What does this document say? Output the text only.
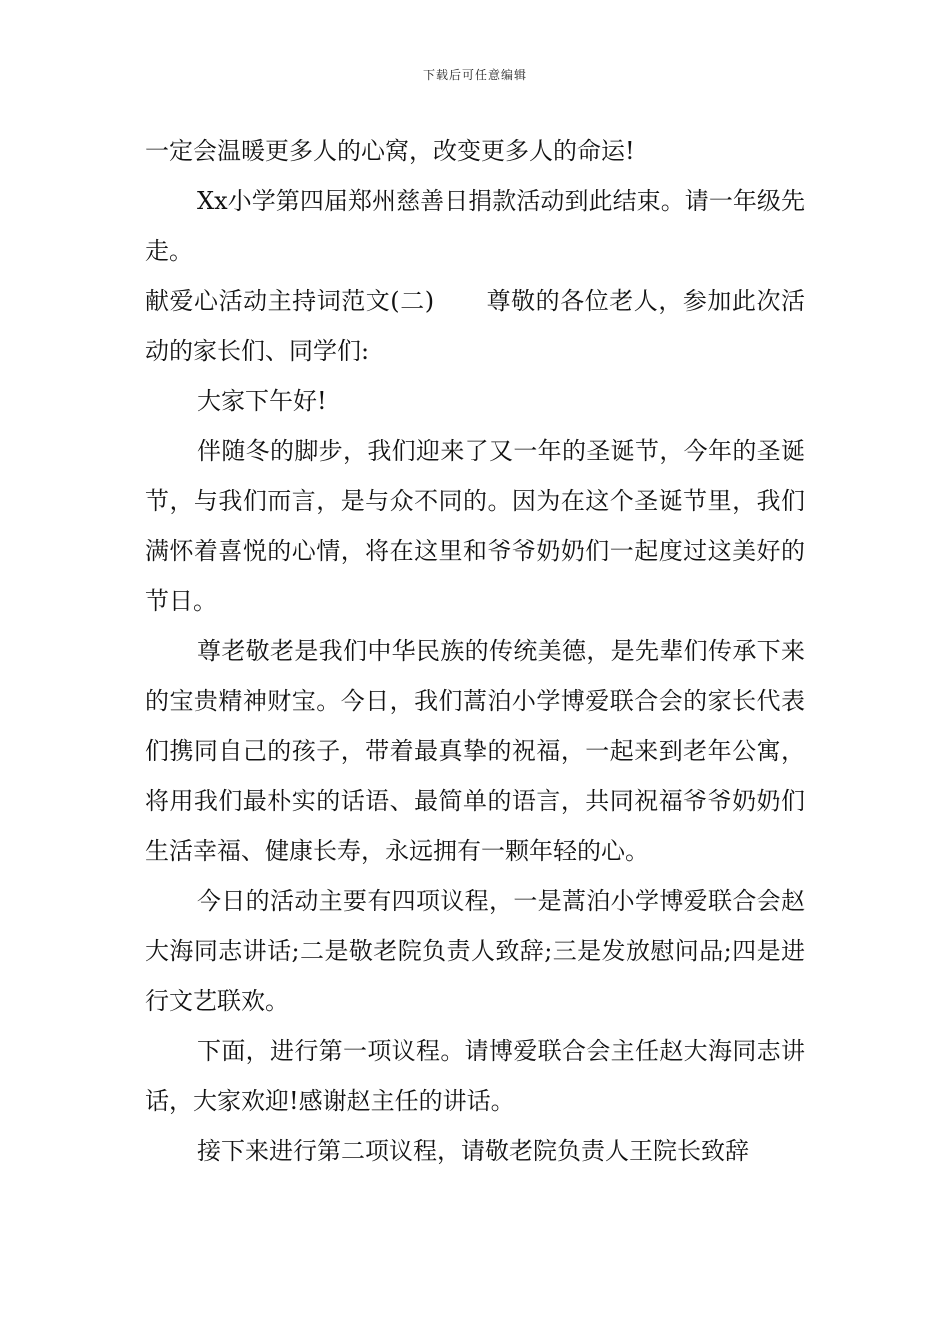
下载后可任意编辑

一定会温暖更多人的心窝，改变更多人的命运!

Xx小学第四届郑州慈善日捐款活动到此结束。请一年级先走。

献爱心活动主持词范文(二) 尊敬的各位老人，参加此次活动的家长们、同学们:

大家下午好!

伴随冬的脚步，我们迎来了又一年的圣诞节，今年的圣诞节，与我们而言，是与众不同的。因为在这个圣诞节里，我们满怀着喜悦的心情，将在这里和爷爷奶奶们一起度过这美好的节日。

尊老敬老是我们中华民族的传统美德，是先辈们传承下来的宝贵精神财宝。今日，我们蒿泊小学博爱联合会的家长代表们携同自己的孩子，带着最真挚的祝福，一起来到老年公寓，将用我们最朴实的话语、最简单的语言，共同祝福爷爷奶奶们生活幸福、健康长寿，永远拥有一颗年轻的心。

今日的活动主要有四项议程，一是蒿泊小学博爱联合会赵大海同志讲话;二是敬老院负责人致辞;三是发放慰问品;四是进行文艺联欢。

下面，进行第一项议程。请博爱联合会主任赵大海同志讲话，大家欢迎!感谢赵主任的讲话。

接下来进行第二项议程，请敬老院负责人王院长致辞
